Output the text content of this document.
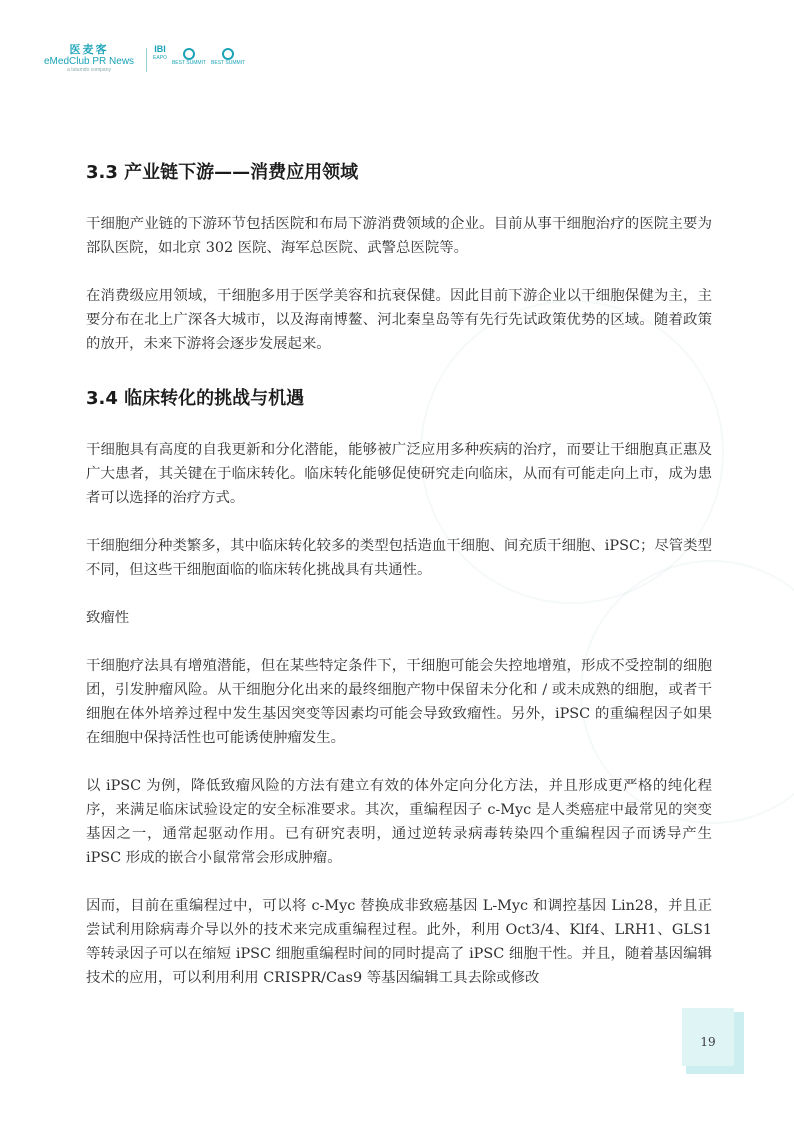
医麦客
eMedClub PR News
a tutumdo company
IBI
EAPO
BEST SUMMIT BEST SUMMIT
3.3 产业链下游——消费应用领域

干细胞产业链的下游环节包括医院和布局下游消费领域的企业。目前从事干细胞治疗的医院主要为部队医院，如北京 302 医院、海军总医院、武警总医院等。

在消费级应用领域，干细胞多用于医学美容和抗衰保健。因此目前下游企业以干细胞保健为主，主要分布在北上广深各大城市，以及海南博鳌、河北秦皇岛等有先行先试政策优势的区域。随着政策的放开，未来下游将会逐步发展起来。

3.4 临床转化的挑战与机遇

干细胞具有高度的自我更新和分化潜能，能够被广泛应用多种疾病的治疗，而要让干细胞真正惠及广大患者，其关键在于临床转化。临床转化能够促使研究走向临床，从而有可能走向上市，成为患者可以选择的治疗方式。

干细胞细分种类繁多，其中临床转化较多的类型包括造血干细胞、间充质干细胞、iPSC；尽管类型不同，但这些干细胞面临的临床转化挑战具有共通性。

致瘤性

干细胞疗法具有增殖潜能，但在某些特定条件下，干细胞可能会失控地增殖，形成不受控制的细胞团，引发肿瘤风险。从干细胞分化出来的最终细胞产物中保留未分化和 / 或未成熟的细胞，或者干细胞在体外培养过程中发生基因突变等因素均可能会导致致瘤性。另外，iPSC 的重编程因子如果在细胞中保持活性也可能诱使肿瘤发生。

以 iPSC 为例，降低致瘤风险的方法有建立有效的体外定向分化方法，并且形成更严格的纯化程序，来满足临床试验设定的安全标准要求。其次，重编程因子 c-Myc 是人类癌症中最常见的突变基因之一，通常起驱动作用。已有研究表明，通过逆转录病毒转染四个重编程因子而诱导产生 iPSC 形成的嵌合小鼠常常会形成肿瘤。

因而，目前在重编程过中，可以将 c-Myc 替换成非致癌基因 L-Myc 和调控基因 Lin28，并且正尝试利用除病毒介导以外的技术来完成重编程过程。此外，利用 Oct3/4、Klf4、LRH1、GLS1 等转录因子可以在缩短 iPSC 细胞重编程时间的同时提高了 iPSC 细胞干性。并且，随着基因编辑技术的应用，可以利用利用 CRISPR/Cas9 等基因编辑工具去除或修改

19
